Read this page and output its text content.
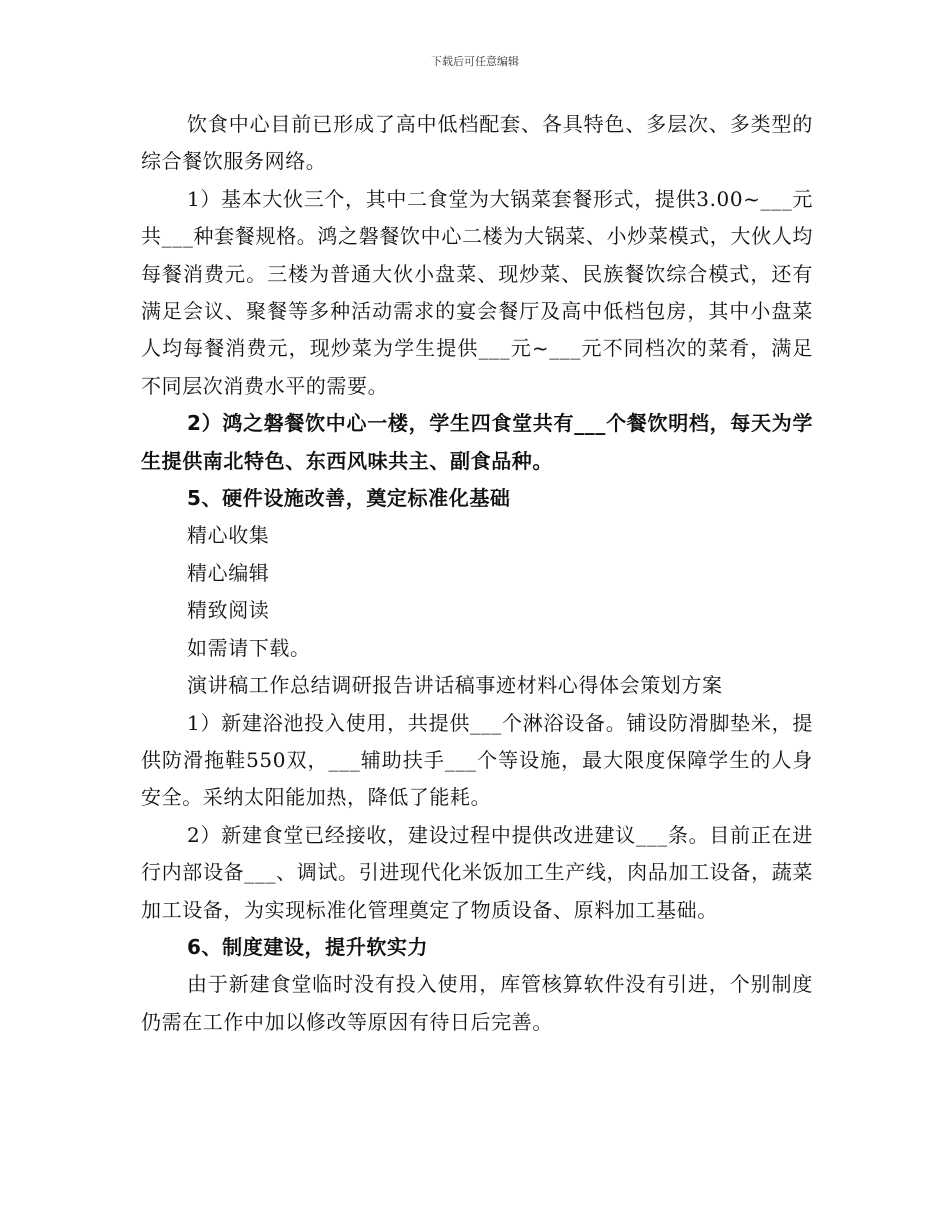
下载后可任意编辑

饮食中心目前已形成了高中低档配套、各具特色、多层次、多类型的综合餐饮服务网络。

1）基本大伙三个，其中二食堂为大锅菜套餐形式，提供3.00~___元共___种套餐规格。鸿之磐餐饮中心二楼为大锅菜、小炒菜模式，大伙人均每餐消费元。三楼为普通大伙小盘菜、现炒菜、民族餐饮综合模式，还有满足会议、聚餐等多种活动需求的宴会餐厅及高中低档包房，其中小盘菜人均每餐消费元，现炒菜为学生提供___元~___元不同档次的菜肴，满足不同层次消费水平的需要。

2）鸿之磐餐饮中心一楼，学生四食堂共有___个餐饮明档，每天为学生提供南北特色、东西风味共主、副食品种。

5、硬件设施改善，奠定标准化基础

精心收集

精心编辑

精致阅读

如需请下载。

演讲稿工作总结调研报告讲话稿事迹材料心得体会策划方案

1）新建浴池投入使用，共提供___个淋浴设备。铺设防滑脚垫米，提供防滑拖鞋550双，___辅助扶手___个等设施，最大限度保障学生的人身安全。采纳太阳能加热，降低了能耗。

2）新建食堂已经接收，建设过程中提供改进建议___条。目前正在进行内部设备___、调试。引进现代化米饭加工生产线，肉品加工设备，蔬菜加工设备，为实现标准化管理奠定了物质设备、原料加工基础。

6、制度建设，提升软实力

由于新建食堂临时没有投入使用，库管核算软件没有引进，个别制度仍需在工作中加以修改等原因有待日后完善。
